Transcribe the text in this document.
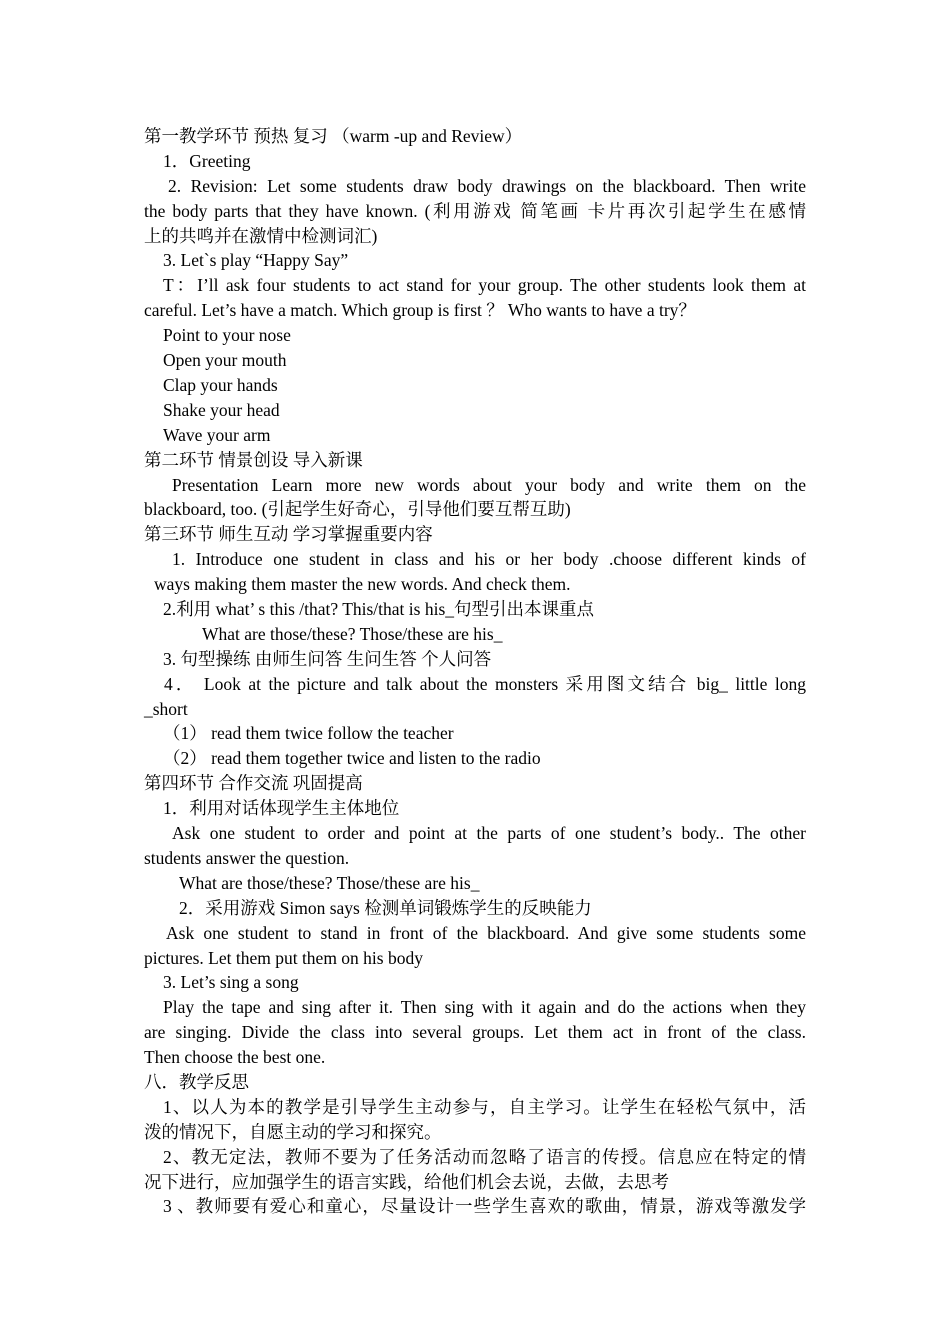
第一教学环节 预热 复习 （warm -up and Review）
1．Greeting
2. Revision: Let some students draw body drawings on the blackboard. Then write
the body parts that they have known. (利用游戏 简笔画 卡片再次引起学生在感情
上的共鸣并在激情中检测词汇)
3. Let`s play “Happy Say”
T：I’ll ask four students to act stand for your group. The other students look them at
careful. Let’s have a match. Which group is first ？ Who wants to have a try？
Point to your nose
Open your mouth
Clap your hands
Shake your head
Wave your arm
第二环节 情景创设 导入新课
Presentation Learn more new words about your body and write them on the
blackboard, too. (引起学生好奇心，引导他们要互帮互助)
第三环节 师生互动 学习掌握重要内容
1. Introduce one student in class and his or her body .choose different kinds of
ways making them master the new words. And check them.
2.利用 what’ s this /that? This/that is his_句型引出本课重点
What are those/these? Those/these are his_
3. 句型操练 由师生问答 生问生答 个人问答
4． Look at the picture and talk about the monsters 采用图文结合 big_ little long
_short
（1） read them twice follow the teacher
（2） read them together twice and listen to the radio
第四环节 合作交流 巩固提高
1．利用对话体现学生主体地位
Ask one student to order and point at the parts of one student’s body.. The other
students answer the question.
What are those/these? Those/these are his_
2．采用游戏 Simon says 检测单词锻炼学生的反映能力
Ask one student to stand in front of the blackboard. And give some students some
pictures. Let them put them on his body
3. Let’s sing a song
Play the tape and sing after it. Then sing with it again and do the actions when they
are singing. Divide the class into several groups. Let them act in front of the class.
Then choose the best one.
八．教学反思
1、以人为本的教学是引导学生主动参与，自主学习。让学生在轻松气氛中，活
泼的情况下，自愿主动的学习和探究。
2、教无定法，教师不要为了任务活动而忽略了语言的传授。信息应在特定的情
况下进行，应加强学生的语言实践，给他们机会去说，去做，去思考
3 、教师要有爱心和童心，尽量设计一些学生喜欢的歌曲，情景，游戏等激发学
